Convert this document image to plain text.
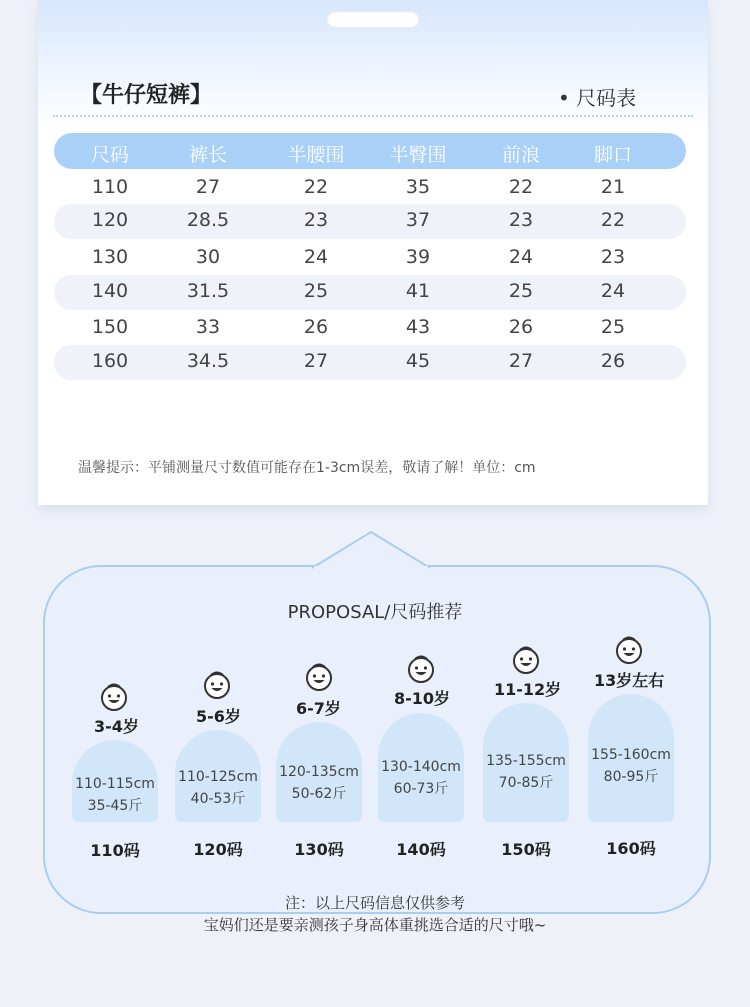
【牛仔短裤】	• 尺码表
尺码	裤长	半腰围	半臀围	前浪	脚口
110	27	22	35	22	21
120	28.5	23	37	23	22
130	30	24	39	24	23
140	31.5	25	41	25	24
150	33	26	43	26	25
160	34.5	27	45	27	26
温馨提示：平铺测量尺寸数值可能存在1-3cm误差，敬请了解！单位：cm
PROPOSAL/尺码推荐
3-4岁
110-115cm
35-45斤
110码
5-6岁
110-125cm
40-53斤
120码
6-7岁
120-135cm
50-62斤
130码
8-10岁
130-140cm
60-73斤
140码
11-12岁
135-155cm
70-85斤
150码
13岁左右
155-160cm
80-95斤
160码
注：以上尺码信息仅供参考
宝妈们还是要亲测孩子身高体重挑选合适的尺寸哦~
